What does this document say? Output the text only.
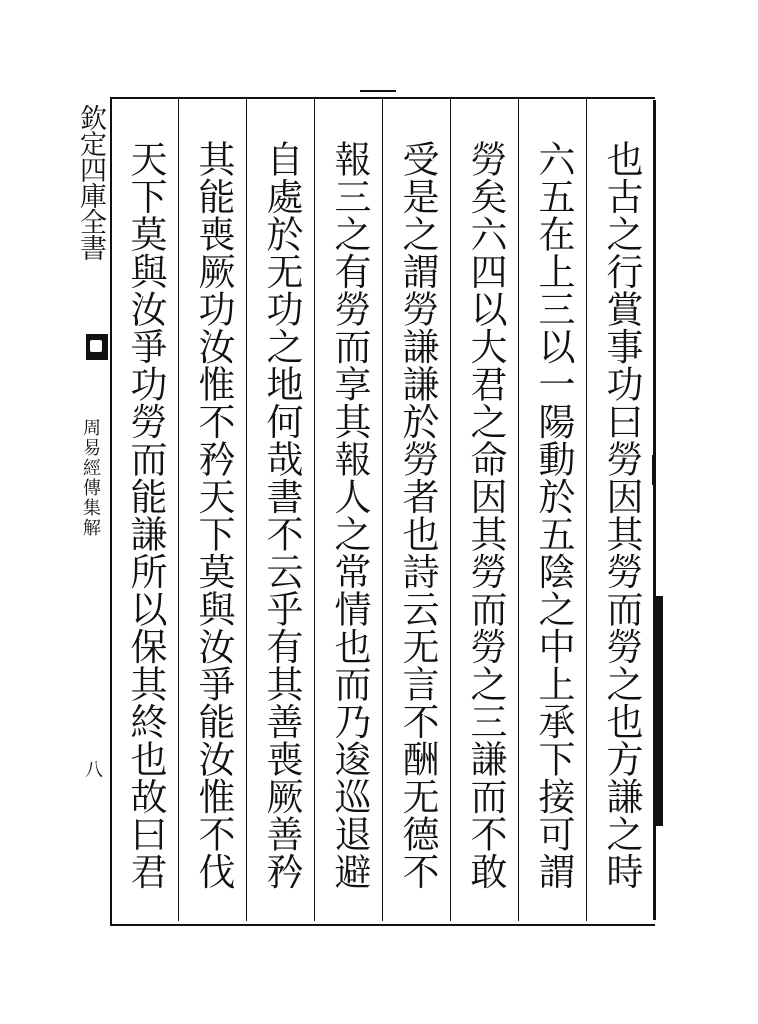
欽定四庫全書
周易經傳集解
八	也古之行賞事功曰勞因其勞而勞之也方謙之時
六五在上三以一陽動於五陰之中上承下接可謂
勞矣六四以大君之命因其勞而勞之三謙而不敢
受是之謂勞謙謙於勞者也詩云无言不酬无德不
報三之有勞而享其報人之常情也而乃逡巡退避
自處於无功之地何哉書不云乎有其善喪厥善矜
其能喪厥功汝惟不矜天下莫與汝爭能汝惟不伐
天下莫與汝爭功勞而能謙所以保其終也故曰君
